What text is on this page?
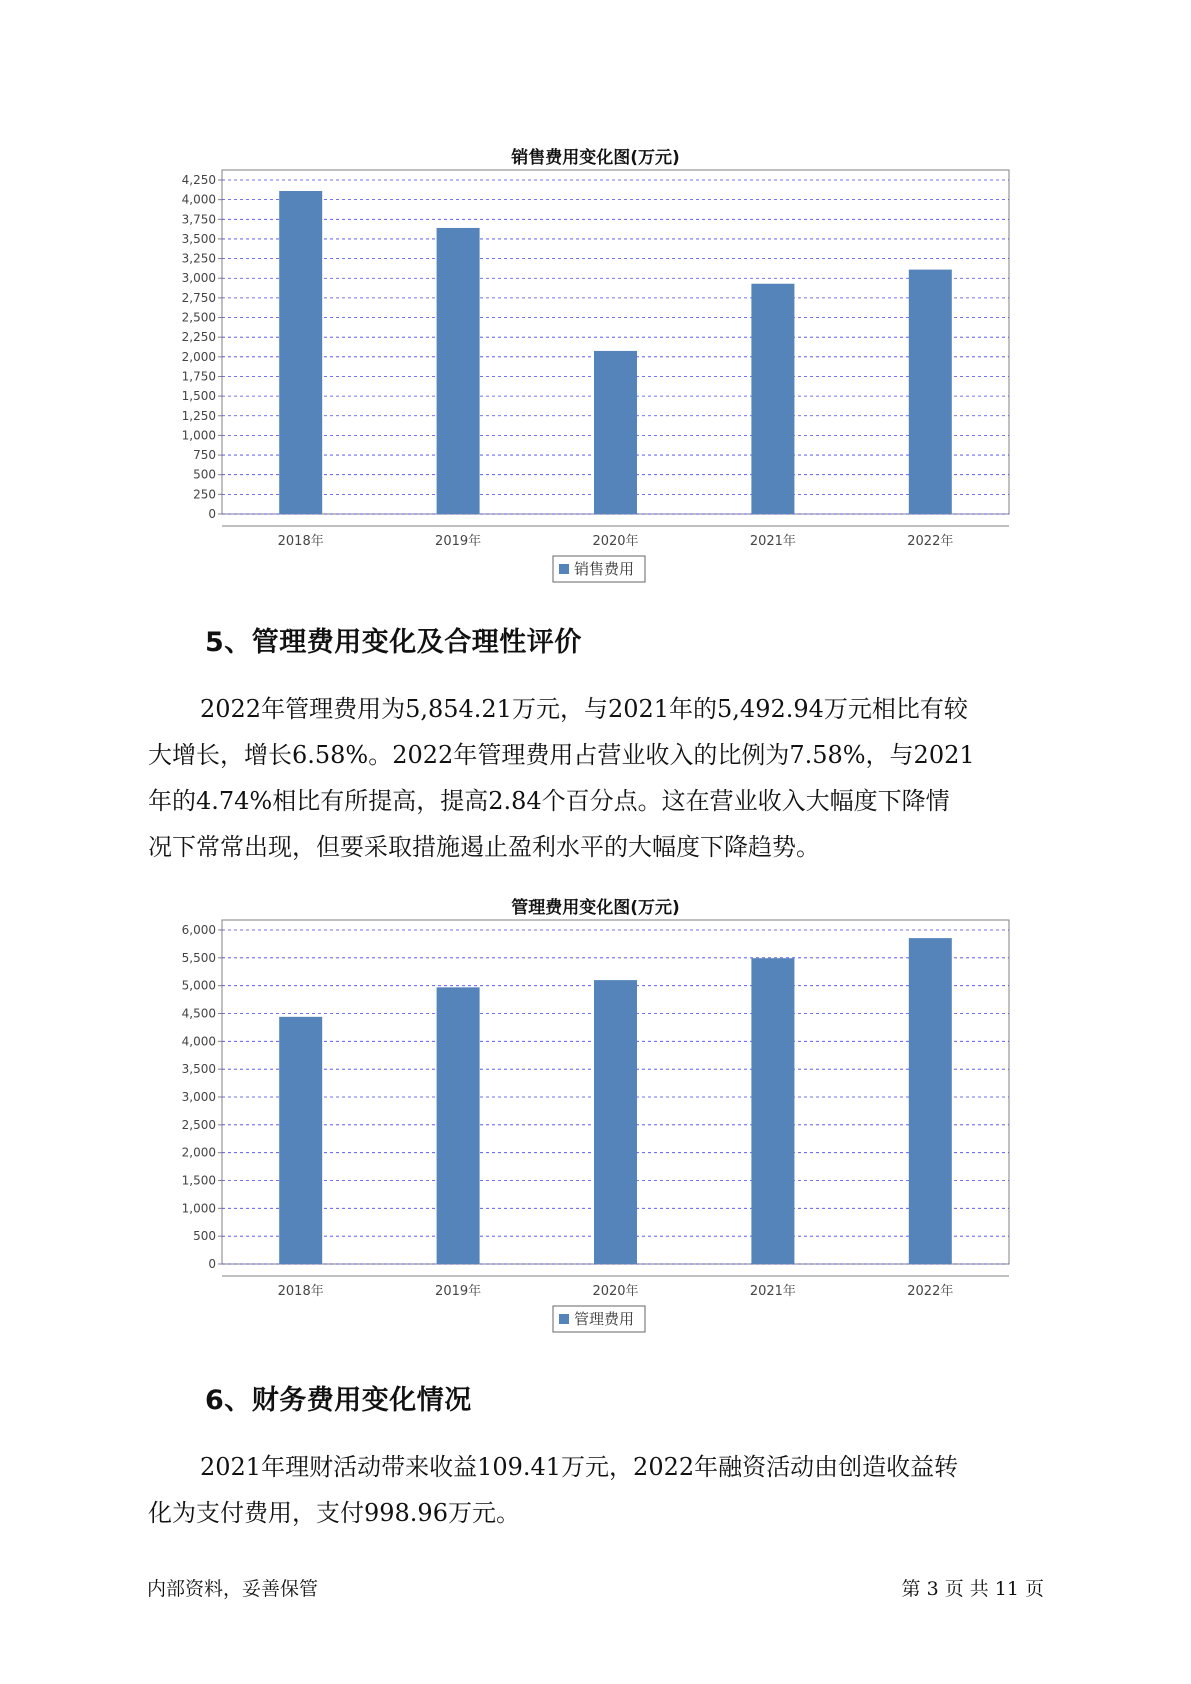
销售费用变化图(万元)
0
250
500
750
1,000
1,250
1,500
1,750
2,000
2,250
2,500
2,750
3,000
3,250
3,500
3,750
4,000
4,250
2018年	2019年	2020年	2021年	2022年
销售费用
5、管理费用变化及合理性评价
2022年管理费用为5,854.21万元，与2021年的5,492.94万元相比有较
大增长，增长6.58%。2022年管理费用占营业收入的比例为7.58%，与2021
年的4.74%相比有所提高，提高2.84个百分点。这在营业收入大幅度下降情
况下常常出现，但要采取措施遏止盈利水平的大幅度下降趋势。
管理费用变化图(万元)
0
500
1,000
1,500
2,000
2,500
3,000
3,500
4,000
4,500
5,000
5,500
6,000
2018年	2019年	2020年	2021年	2022年
管理费用
6、财务费用变化情况
2021年理财活动带来收益109.41万元，2022年融资活动由创造收益转
化为支付费用，支付998.96万元。
内部资料，妥善保管	第 3 页 共 11 页
